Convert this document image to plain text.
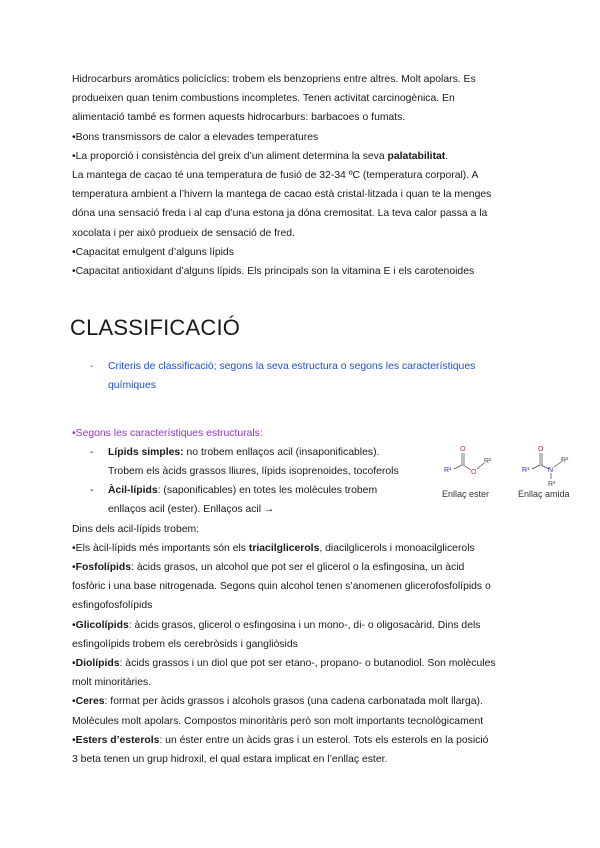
Hidrocarburs aromàtics policíclics: trobem els benzopriens entre altres. Molt apolars. Es

produeixen quan tenim combustions incompletes. Tenen activitat carcinogènica. En

alimentació també es formen aquests hidrocarburs: barbacoes o fumats.

• Bons transmissors de calor a elevades temperatures

• La proporció i consistència del greix d’un aliment determina la seva palatabilitat.

La mantega de cacao té una temperatura de fusió de 32-34 ºC (temperatura corporal). A

temperatura ambient a l’hivern la mantega de cacao està cristal·litzada i quan te la menges

dóna una sensació freda i al cap d’una estona ja dóna cremositat. La teva calor passa a la

xocolata i per això produeix de sensació de fred.

• Capacitat emulgent d’alguns lípids

• Capacitat antioxidant d’alguns lípids. Els principals son la vitamina E i els carotenoides

CLASSIFICACIÓ
-	Criteris de classificació; segons la seva estructura o segons les característiques
químiques

• Segons les característiques estructurals:

-	Lípids simples: no trobem enllaços acil (insaponificables).

Trobem els àcids grassos lliures, lípids isoprenoides, tocoferols

-	Àcil-lípids: (saponificables) en totes les molècules trobem

enllaços acil (ester). Enllaços acil →

R¹
O
O
R²
Enllaç ester
R¹
O
N
R²
R³
Enllaç amida

Dins dels acil-lípids trobem:

• Els àcil-lípids més importants són els triacilglicerols, diacilglicerols i monoacilglicerols

• Fosfolípids: àcids grasos, un alcohol que pot ser el glicerol o la esfingosina, un àcid

fosfòric i una base nitrogenada. Segons quin alcohol tenen s’anomenen glicerofosfolípids o

esfingofosfolípids

• Glicolípids: àcids grasos, glicerol o esfingosina i un mono-, di- o oligosacàrid. Dins dels

esfingolípids trobem els cerebròsids i gangliòsids

• Diolípids: àcids grassos i un diol que pot ser etano-, propano- o butanodiol. Son molècules

molt minoritàries.

• Ceres: format per àcids grassos i alcohols grasos (una cadena carbonatada molt llarga).

Molècules molt apolars. Compostos minoritàris però son molt importants tecnològicament

• Esters d’esterols: un éster entre un àcids gras i un esterol. Tots els esterols en la posició

3 beta tenen un grup hidroxil, el qual estara implicat en l’enllaç ester.
